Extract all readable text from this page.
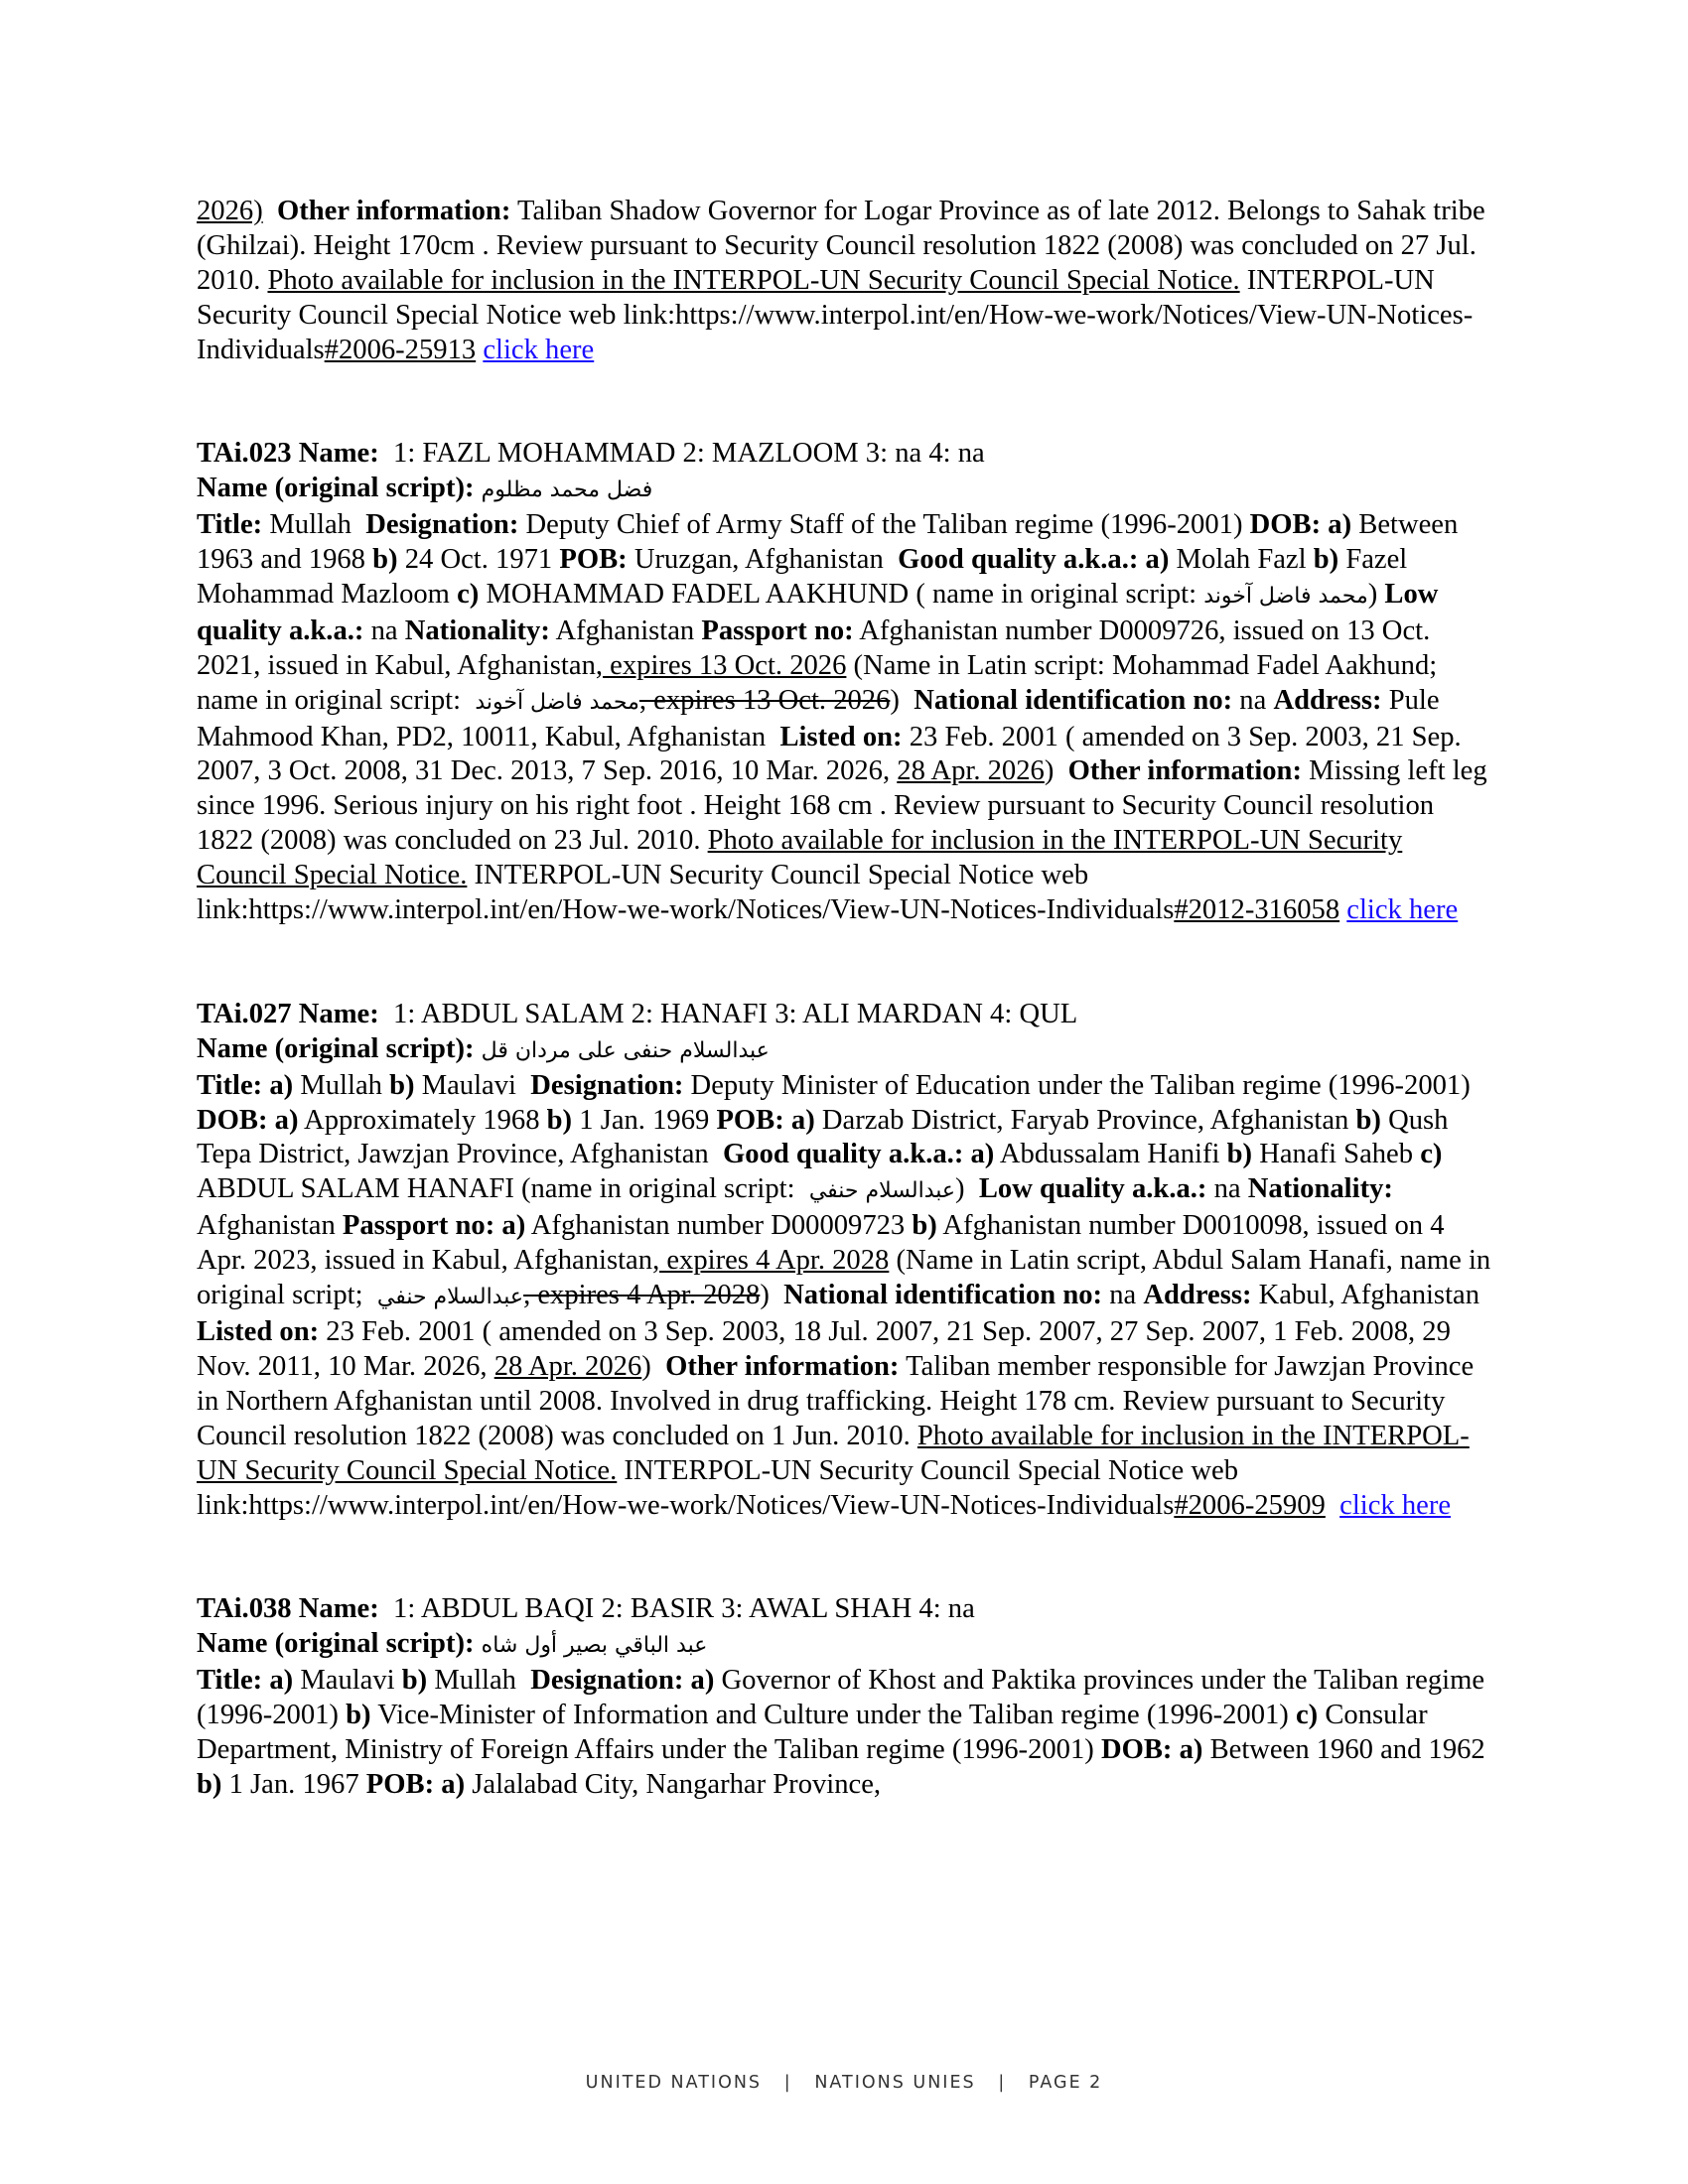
2026) Other information: Taliban Shadow Governor for Logar Province as of late 2012. Belongs to Sahak tribe (Ghilzai). Height 170cm . Review pursuant to Security Council resolution 1822 (2008) was concluded on 27 Jul. 2010. Photo available for inclusion in the INTERPOL-UN Security Council Special Notice. INTERPOL-UN Security Council Special Notice web link:https://www.interpol.int/en/How-we-work/Notices/View-UN-Notices-Individuals#2006-25913 click here

TAi.023 Name: 1: FAZL MOHAMMAD 2: MAZLOOM 3: na 4: na
Name (original script): فضل محمد مظلوم
Title: Mullah Designation: Deputy Chief of Army Staff of the Taliban regime (1996-2001) DOB: a) Between 1963 and 1968 b) 24 Oct. 1971 POB: Uruzgan, Afghanistan Good quality a.k.a.: a) Molah Fazl b) Fazel Mohammad Mazloom c) MOHAMMAD FADEL AAKHUND ( name in original script: محمد فاضل آخوند) Low quality a.k.a.: na Nationality: Afghanistan Passport no: Afghanistan number D0009726, issued on 13 Oct. 2021, issued in Kabul, Afghanistan, expires 13 Oct. 2026 (Name in Latin script: Mohammad Fadel Aakhund; name in original script: محمد فاضل آخوند, expires 13 Oct. 2026) National identification no: na Address: Pule Mahmood Khan, PD2, 10011, Kabul, Afghanistan Listed on: 23 Feb. 2001 ( amended on 3 Sep. 2003, 21 Sep. 2007, 3 Oct. 2008, 31 Dec. 2013, 7 Sep. 2016, 10 Mar. 2026, 28 Apr. 2026) Other information: Missing left leg since 1996. Serious injury on his right foot . Height 168 cm . Review pursuant to Security Council resolution 1822 (2008) was concluded on 23 Jul. 2010. Photo available for inclusion in the INTERPOL-UN Security Council Special Notice. INTERPOL-UN Security Council Special Notice web link:https://www.interpol.int/en/How-we-work/Notices/View-UN-Notices-Individuals#2012-316058 click here

TAi.027 Name: 1: ABDUL SALAM 2: HANAFI 3: ALI MARDAN 4: QUL
Name (original script): عبدالسلام حنفی علی مردان قل
Title: a) Mullah b) Maulavi Designation: Deputy Minister of Education under the Taliban regime (1996-2001) DOB: a) Approximately 1968 b) 1 Jan. 1969 POB: a) Darzab District, Faryab Province, Afghanistan b) Qush Tepa District, Jawzjan Province, Afghanistan Good quality a.k.a.: a) Abdussalam Hanifi b) Hanafi Saheb c) ABDUL SALAM HANAFI (name in original script: عبدالسلام حنفي)  Low quality a.k.a.: na Nationality: Afghanistan Passport no: a) Afghanistan number D00009723 b) Afghanistan number D0010098, issued on 4 Apr. 2023, issued in Kabul, Afghanistan, expires 4 Apr. 2028 (Name in Latin script, Abdul Salam Hanafi, name in original script; عبدالسلام حنفي, expires 4 Apr. 2028) National identification no: na Address: Kabul, Afghanistan  Listed on: 23 Feb. 2001 ( amended on 3 Sep. 2003, 18 Jul. 2007, 21 Sep. 2007, 27 Sep. 2007, 1 Feb. 2008, 29 Nov. 2011, 10 Mar. 2026, 28 Apr. 2026) Other information: Taliban member responsible for Jawzjan Province in Northern Afghanistan until 2008. Involved in drug trafficking. Height 178 cm. Review pursuant to Security Council resolution 1822 (2008) was concluded on 1 Jun. 2010. Photo available for inclusion in the INTERPOL-UN Security Council Special Notice. INTERPOL-UN Security Council Special Notice web link:https://www.interpol.int/en/How-we-work/Notices/View-UN-Notices-Individuals#2006-25909 click here

TAi.038 Name: 1: ABDUL BAQI 2: BASIR 3: AWAL SHAH 4: na
Name (original script): عبد الباقي بصير أول شاه
Title: a) Maulavi b) Mullah Designation: a) Governor of Khost and Paktika provinces under the Taliban regime (1996-2001) b) Vice-Minister of Information and Culture under the Taliban regime (1996-2001) c) Consular Department, Ministry of Foreign Affairs under the Taliban regime (1996-2001) DOB: a) Between 1960 and 1962 b) 1 Jan. 1967 POB: a) Jalalabad City, Nangarhar Province,

UNITED NATIONS   |   NATIONS UNIES   |   PAGE 2
